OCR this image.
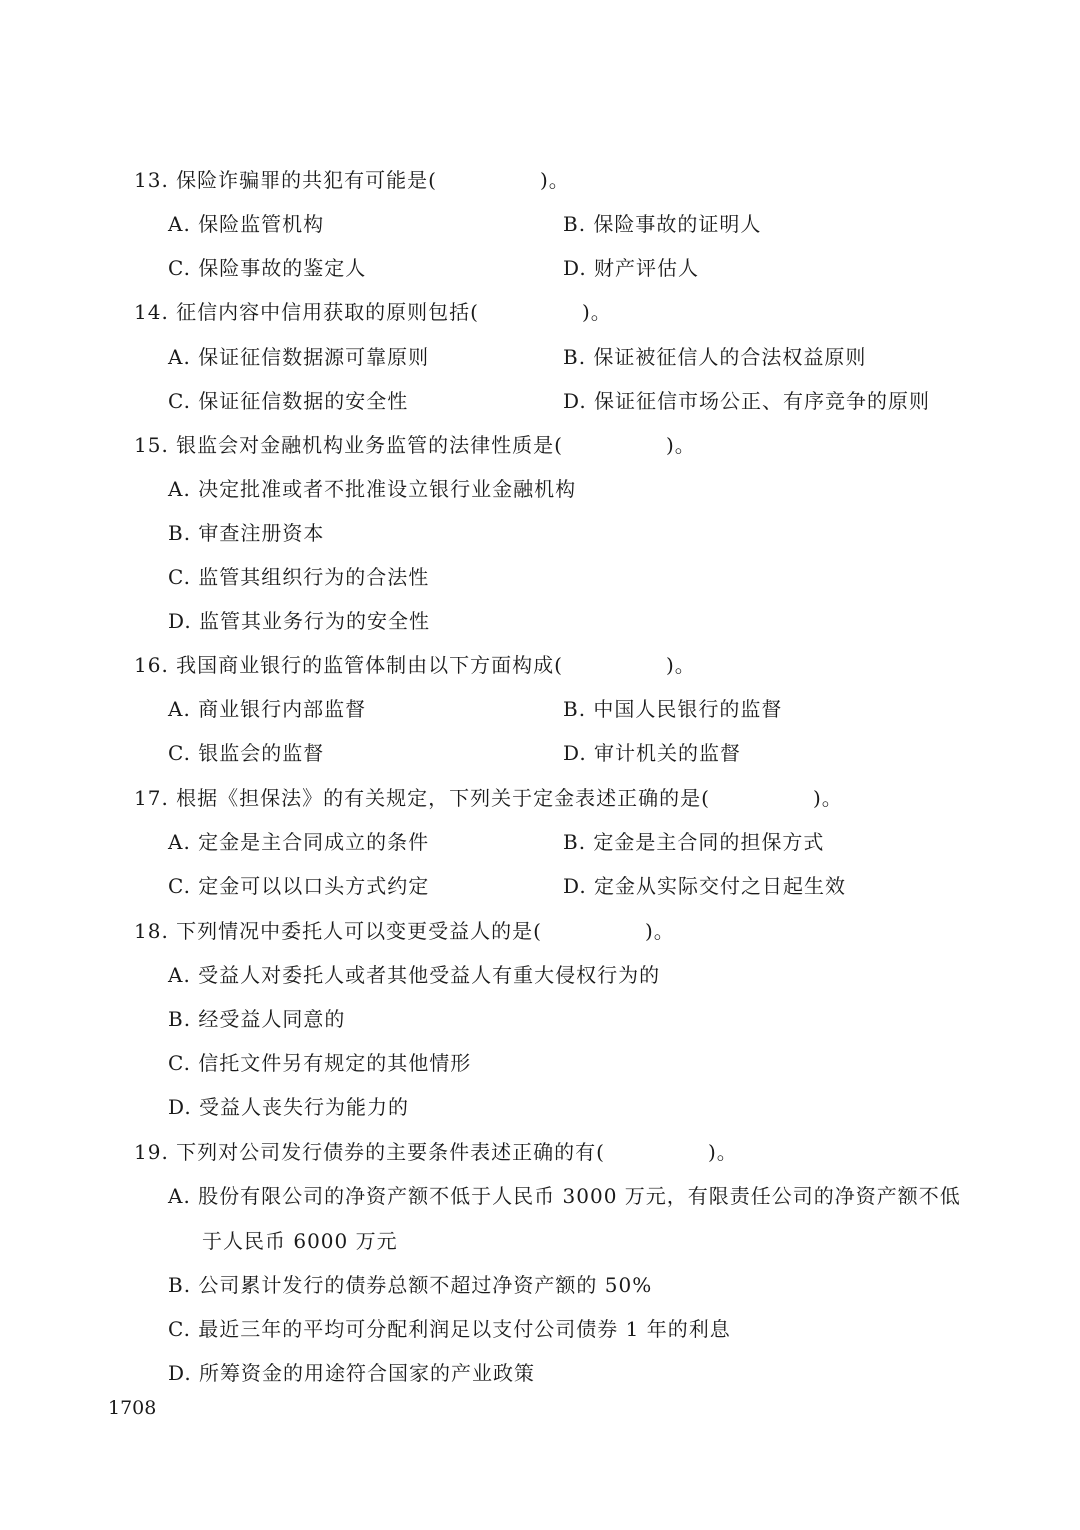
13. 保险诈骗罪的共犯有可能是(              )。
A. 保险监管机构	B. 保险事故的证明人
C. 保险事故的鉴定人	D. 财产评估人
14. 征信内容中信用获取的原则包括(              )。
A. 保证征信数据源可靠原则	B. 保证被征信人的合法权益原则
C. 保证征信数据的安全性	D. 保证征信市场公正、有序竞争的原则
15. 银监会对金融机构业务监管的法律性质是(              )。
A. 决定批准或者不批准设立银行业金融机构
B. 审查注册资本
C. 监管其组织行为的合法性
D. 监管其业务行为的安全性
16. 我国商业银行的监管体制由以下方面构成(              )。
A. 商业银行内部监督	B. 中国人民银行的监督
C. 银监会的监督	D. 审计机关的监督
17. 根据《担保法》的有关规定，下列关于定金表述正确的是(              )。
A. 定金是主合同成立的条件	B. 定金是主合同的担保方式
C. 定金可以以口头方式约定	D. 定金从实际交付之日起生效
18. 下列情况中委托人可以变更受益人的是(              )。
A. 受益人对委托人或者其他受益人有重大侵权行为的
B. 经受益人同意的
C. 信托文件另有规定的其他情形
D. 受益人丧失行为能力的
19. 下列对公司发行债券的主要条件表述正确的有(              )。
A. 股份有限公司的净资产额不低于人民币 3000 万元，有限责任公司的净资产额不低
于人民币 6000 万元
B. 公司累计发行的债券总额不超过净资产额的 50%
C. 最近三年的平均可分配利润足以支付公司债券 1 年的利息
D. 所筹资金的用途符合国家的产业政策
1708
